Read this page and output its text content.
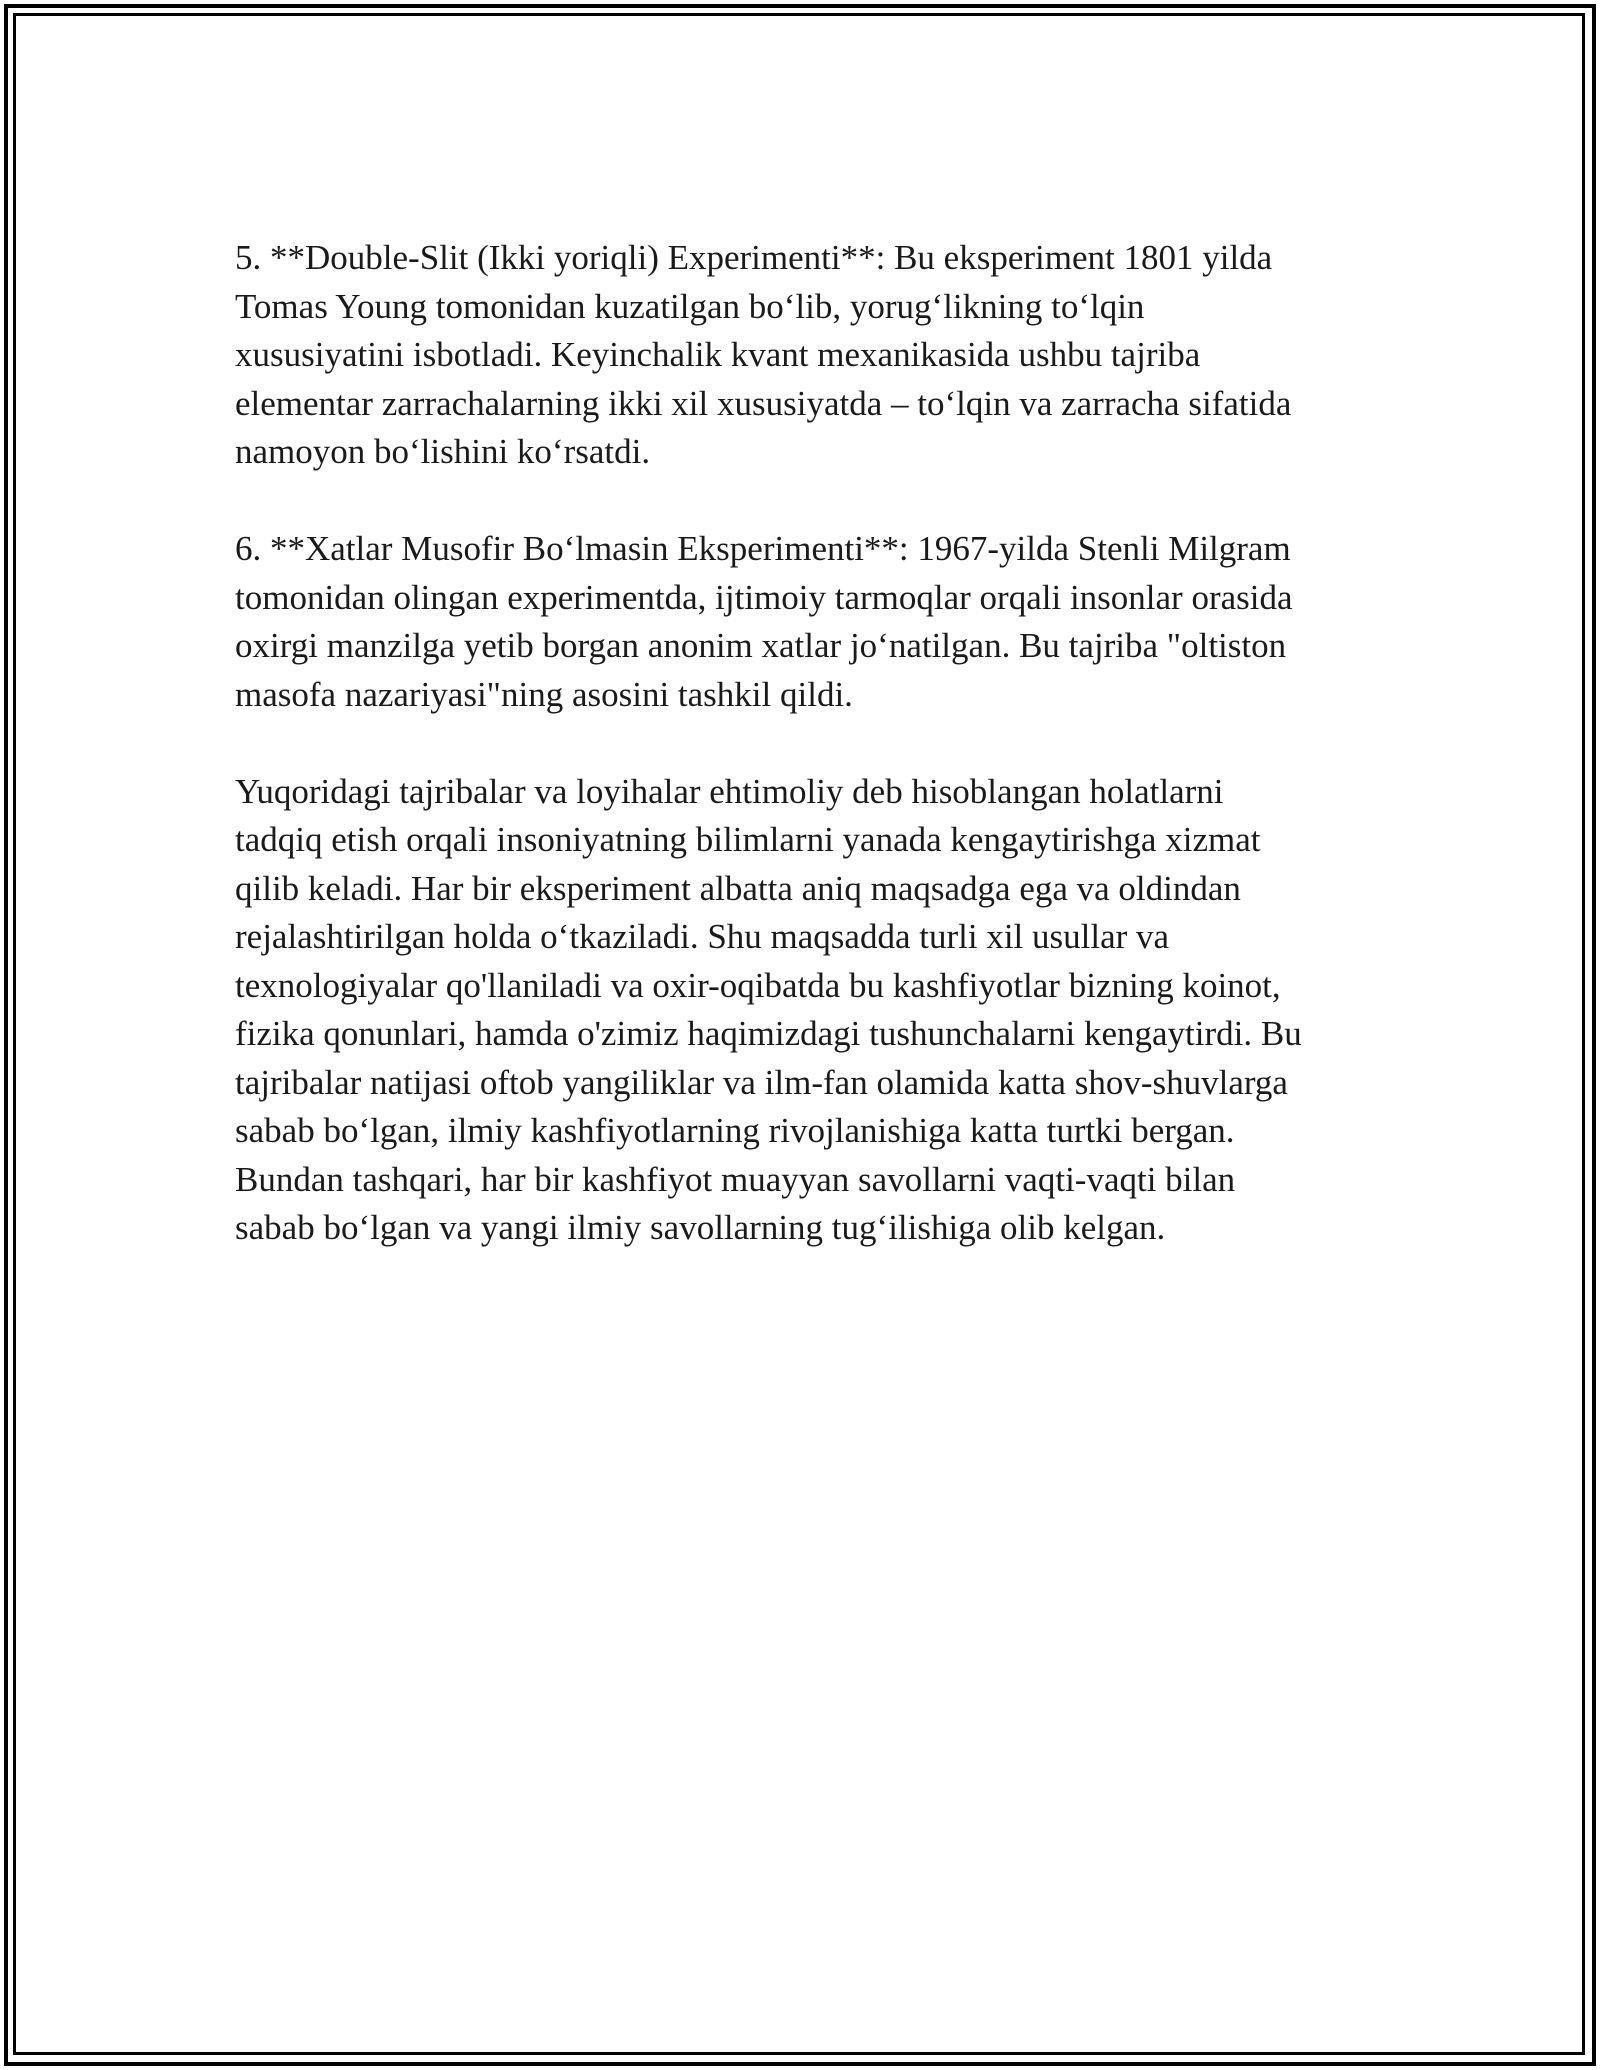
5. **Double-Slit (Ikki yoriqli) Experimenti**: Bu eksperiment 1801 yilda
Tomas Young tomonidan kuzatilgan bo‘lib, yorug‘likning to‘lqin
xususiyatini isbotladi. Keyinchalik kvant mexanikasida ushbu tajriba
elementar zarrachalarning ikki xil xususiyatda – to‘lqin va zarracha sifatida
namoyon bo‘lishini ko‘rsatdi.

6. **Xatlar Musofir Bo‘lmasin Eksperimenti**: 1967-yilda Stenli Milgram
tomonidan olingan experimentda, ijtimoiy tarmoqlar orqali insonlar orasida
oxirgi manzilga yetib borgan anonim xatlar jo‘natilgan. Bu tajriba "oltiston
masofa nazariyasi"ning asosini tashkil qildi.

Yuqoridagi tajribalar va loyihalar ehtimoliy deb hisoblangan holatlarni
tadqiq etish orqali insoniyatning bilimlarni yanada kengaytirishga xizmat
qilib keladi. Har bir eksperiment albatta aniq maqsadga ega va oldindan
rejalashtirilgan holda o‘tkaziladi. Shu maqsadda turli xil usullar va
texnologiyalar qo'llaniladi va oxir-oqibatda bu kashfiyotlar bizning koinot,
fizika qonunlari, hamda o'zimiz haqimizdagi tushunchalarni kengaytirdi. Bu
tajribalar natijasi oftob yangiliklar va ilm-fan olamida katta shov-shuvlarga
sabab bo‘lgan, ilmiy kashfiyotlarning rivojlanishiga katta turtki bergan.
Bundan tashqari, har bir kashfiyot muayyan savollarni vaqti-vaqti bilan
sabab bo‘lgan va yangi ilmiy savollarning tug‘ilishiga olib kelgan.
